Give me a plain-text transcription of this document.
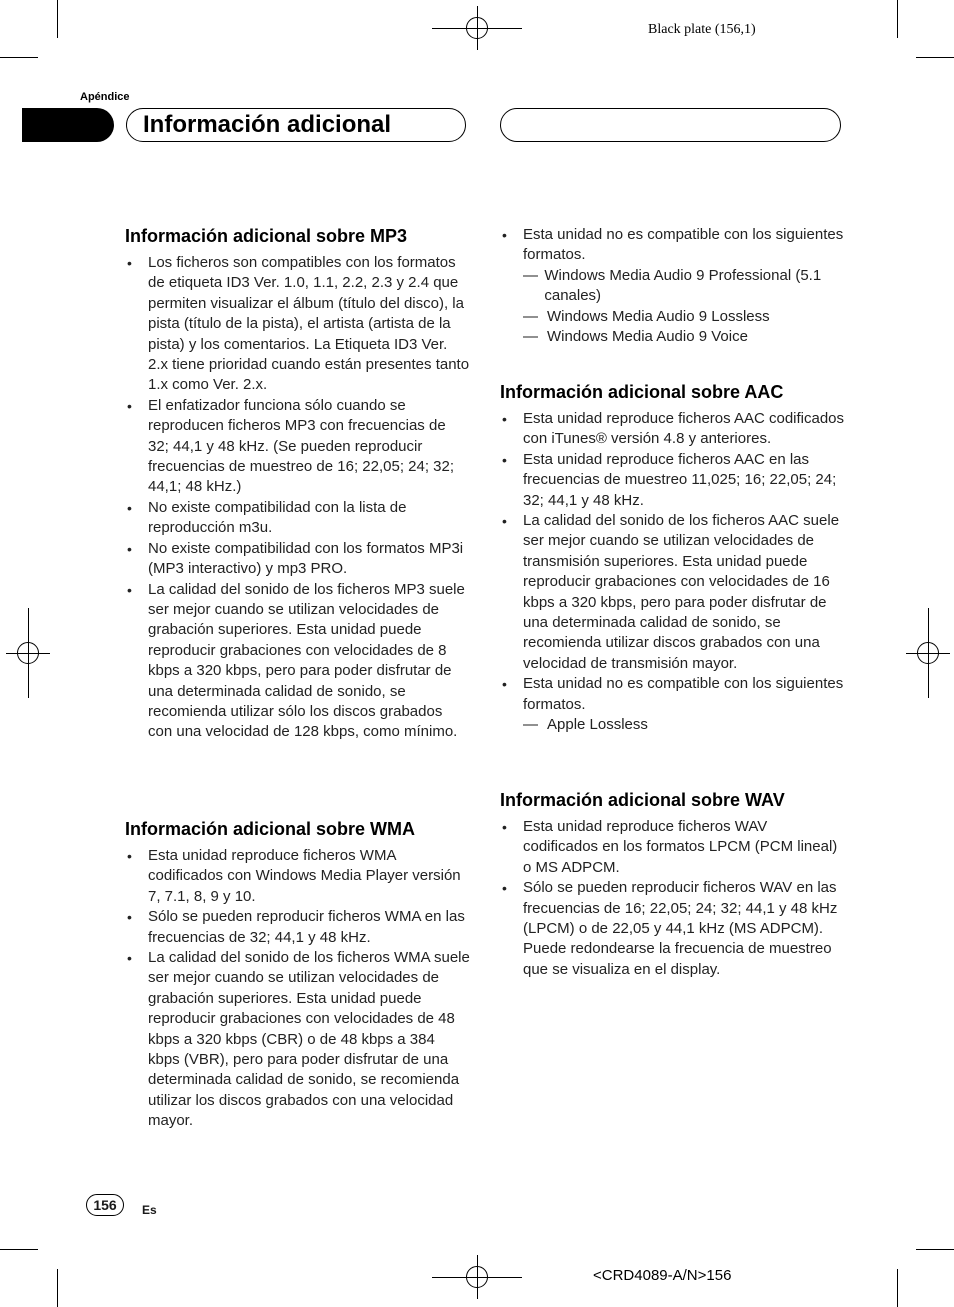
Black plate (156,1)
Apéndice
Información adicional
Información adicional sobre MP3
• Los ficheros son compatibles con los formatos de etiqueta ID3 Ver. 1.0, 1.1, 2.2, 2.3 y 2.4 que permiten visualizar el álbum (título del disco), la pista (título de la pista), el artista (artista de la pista) y los comentarios. La Etiqueta ID3 Ver. 2.x tiene prioridad cuando están presentes tanto 1.x como Ver. 2.x.
• El enfatizador funciona sólo cuando se reproducen ficheros MP3 con frecuencias de 32; 44,1 y 48 kHz. (Se pueden reproducir frecuencias de muestreo de 16; 22,05; 24; 32; 44,1; 48 kHz.)
• No existe compatibilidad con la lista de reproducción m3u.
• No existe compatibilidad con los formatos MP3i (MP3 interactivo) y mp3 PRO.
• La calidad del sonido de los ficheros MP3 suele ser mejor cuando se utilizan velocidades de grabación superiores. Esta unidad puede reproducir grabaciones con velocidades de 8 kbps a 320 kbps, pero para poder disfrutar de una determinada calidad de sonido, se recomienda utilizar sólo los discos grabados con una velocidad de 128 kbps, como mínimo.
Información adicional sobre WMA
• Esta unidad reproduce ficheros WMA codificados con Windows Media Player versión 7, 7.1, 8, 9 y 10.
• Sólo se pueden reproducir ficheros WMA en las frecuencias de 32; 44,1 y 48 kHz.
• La calidad del sonido de los ficheros WMA suele ser mejor cuando se utilizan velocidades de grabación superiores. Esta unidad puede reproducir grabaciones con velocidades de 48 kbps a 320 kbps (CBR) o de 48 kbps a 384 kbps (VBR), pero para poder disfrutar de una determinada calidad de sonido, se recomienda utilizar los discos grabados con una velocidad mayor.
• Esta unidad no es compatible con los siguientes formatos.
— Windows Media Audio 9 Professional (5.1 canales)
— Windows Media Audio 9 Lossless
— Windows Media Audio 9 Voice
Información adicional sobre AAC
• Esta unidad reproduce ficheros AAC codificados con iTunes® versión 4.8 y anteriores.
• Esta unidad reproduce ficheros AAC en las frecuencias de muestreo 11,025; 16; 22,05; 24; 32; 44,1 y 48 kHz.
• La calidad del sonido de los ficheros AAC suele ser mejor cuando se utilizan velocidades de transmisión superiores. Esta unidad puede reproducir grabaciones con velocidades de 16 kbps a 320 kbps, pero para poder disfrutar de una determinada calidad de sonido, se recomienda utilizar discos grabados con una velocidad de transmisión mayor.
• Esta unidad no es compatible con los siguientes formatos.
— Apple Lossless
Información adicional sobre WAV
• Esta unidad reproduce ficheros WAV codificados en los formatos LPCM (PCM lineal) o MS ADPCM.
• Sólo se pueden reproducir ficheros WAV en las frecuencias de 16; 22,05; 24; 32; 44,1 y 48 kHz (LPCM) o de 22,05 y 44,1 kHz (MS ADPCM). Puede redondearse la frecuencia de muestreo que se visualiza en el display.
156	Es
<CRD4089-A/N>156
